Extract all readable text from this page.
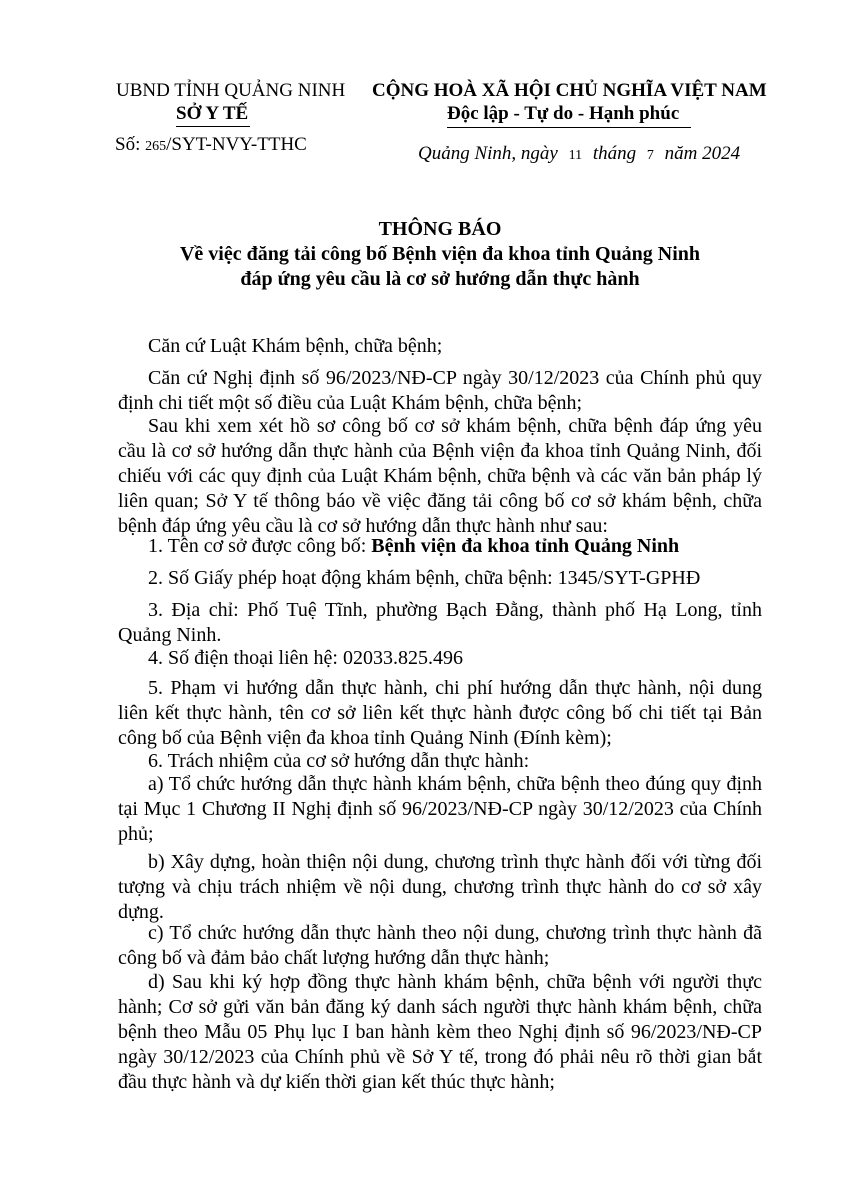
UBND TỈNH QUẢNG NINH
SỞ Y TẾ
Số: 265/SYT-NVY-TTHC
CỘNG HOÀ XÃ HỘI CHỦ NGHĨA VIỆT NAM
Độc lập - Tự do - Hạnh phúc
Quảng Ninh, ngày 11 tháng 7 năm 2024
THÔNG BÁO
Về việc đăng tải công bố Bệnh viện đa khoa tỉnh Quảng Ninh
đáp ứng yêu cầu là cơ sở hướng dẫn thực hành
Căn cứ Luật Khám bệnh, chữa bệnh;
Căn cứ Nghị định số 96/2023/NĐ-CP ngày 30/12/2023 của Chính phủ quy định chi tiết một số điều của Luật Khám bệnh, chữa bệnh;
Sau khi xem xét hồ sơ công bố cơ sở khám bệnh, chữa bệnh đáp ứng yêu cầu là cơ sở hướng dẫn thực hành của Bệnh viện đa khoa tỉnh Quảng Ninh, đối chiếu với các quy định của Luật Khám bệnh, chữa bệnh và các văn bản pháp lý liên quan; Sở Y tế thông báo về việc đăng tải công bố cơ sở khám bệnh, chữa bệnh đáp ứng yêu cầu là cơ sở hướng dẫn thực hành như sau:
1. Tên cơ sở được công bố: Bệnh viện đa khoa tỉnh Quảng Ninh
2. Số Giấy phép hoạt động khám bệnh, chữa bệnh: 1345/SYT-GPHĐ
3. Địa chỉ: Phố Tuệ Tĩnh, phường Bạch Đằng, thành phố Hạ Long, tỉnh Quảng Ninh.
4. Số điện thoại liên hệ: 02033.825.496
5. Phạm vi hướng dẫn thực hành, chi phí hướng dẫn thực hành, nội dung liên kết thực hành, tên cơ sở liên kết thực hành được công bố chi tiết tại Bản công bố của Bệnh viện đa khoa tỉnh Quảng Ninh (Đính kèm);
6. Trách nhiệm của cơ sở hướng dẫn thực hành:
a) Tổ chức hướng dẫn thực hành khám bệnh, chữa bệnh theo đúng quy định tại Mục 1 Chương II Nghị định số 96/2023/NĐ-CP ngày 30/12/2023 của Chính phủ;
b) Xây dựng, hoàn thiện nội dung, chương trình thực hành đối với từng đối tượng và chịu trách nhiệm về nội dung, chương trình thực hành do cơ sở xây dựng.
c) Tổ chức hướng dẫn thực hành theo nội dung, chương trình thực hành đã công bố và đảm bảo chất lượng hướng dẫn thực hành;
d) Sau khi ký hợp đồng thực hành khám bệnh, chữa bệnh với người thực hành; Cơ sở gửi văn bản đăng ký danh sách người thực hành khám bệnh, chữa bệnh theo Mẫu 05 Phụ lục I ban hành kèm theo Nghị định số 96/2023/NĐ-CP ngày 30/12/2023 của Chính phủ về Sở Y tế, trong đó phải nêu rõ thời gian bắt đầu thực hành và dự kiến thời gian kết thúc thực hành;
